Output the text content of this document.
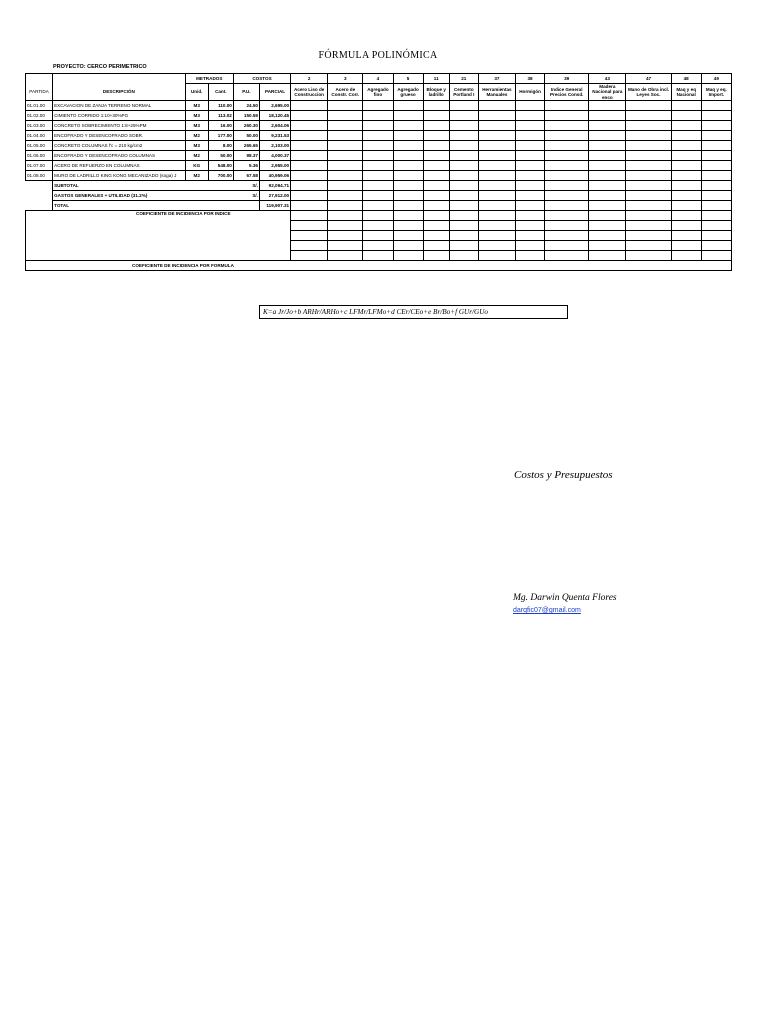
FÓRMULA POLINÓMICA
PROYECTO: CERCO PERIMETRICO
		METRADOS		COSTOS		2	3	4	5	11	21	37	38	39	43	47	48	49
PARTIDA	DESCRIPCIÓN	Unid.	Cant.	P.U.	PARCIAL	Acero Liso de Construccion	Acero de Constr. Corr.	Agregado fino	Agregado grueso	Bloque y ladrillo	Cemento Portland I	Herramientas Manuales	Hormigón	Indice General Precios Consd.	Madera Nacional para enco	Mano de Obra incl. Leyes Soc.	Maq y eq Nacional	Maq y eq. Import.
01.01.00	EXCAVACION DE ZANJA TERRENO NORMAL	M3	110.00	24.50	2,695.00													
01.02.00	CIMIENTO CORRIDO 1:10+30%PG	M3	113.02	150.59	18,120.45													
01.03.00	CONCRETO SOBRECIMIENTO 1:8+25%PM	M3	16.00	260.30	2,604.06													
01.04.00	ENCOFRADO Y DESENCOFRADO SOBR.	M2	177.00	50.00	9,231.53													
01.05.00	CONCRETO COLUMNAS f'c = 210 kg/cm2	M3	8.00	265.65	2,103.00													
01.06.00	ENCOFRADO Y DESENCOFRADO COLUMNAS	M2	50.00	98.37	4,000.37													
01.07.00	ACERO DE REFUERZO EN COLUMNAS	KG	548.00	5.36	2,955.00													
01.08.00	MURO DE LADRILLO KING KONG MECANIZADO (soga) J	M2	700.00	67.58	40,959.06													
	SUBTOTAL			S/.	92,094.71													
	GASTOS GENERALES + UTILIDAD (31.2%)			S/.	27,912.00													
	TOTAL				119,907.31													
COEFICIENTE DE INCIDENCIA POR INDICE																		

COEFICIENTE DE INCIDENCIA POR FORMULA																		
K=a Jr/Jo+b ARHr/ARHo+c LFMr/LFMo+d CEr/CEo+e Br/Bo+f GUr/GUo
Costos y Presupuestos
Mg. Darwin Quenta Flores
darqfic07@gmail.com
